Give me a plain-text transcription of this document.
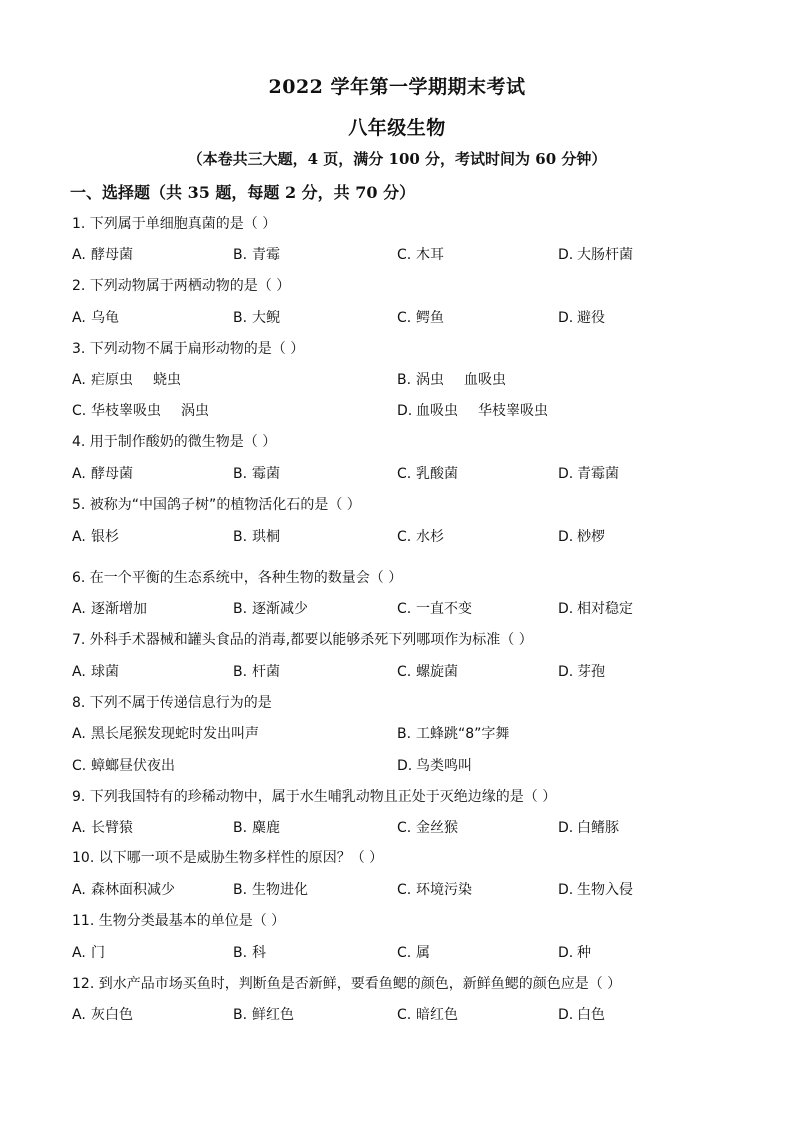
2022 学年第一学期期末考试
八年级生物
（本卷共三大题，4 页，满分 100 分，考试时间为 60 分钟）
一、选择题（共 35 题，每题 2 分，共 70 分）
1. 下列属于单细胞真菌的是（ ）
A. 酵母菌	B. 青霉	C. 木耳	D. 大肠杆菌
2. 下列动物属于两栖动物的是（ ）
A. 乌龟	B. 大鲵	C. 鳄鱼	D. 避役
3. 下列动物不属于扁形动物的是（ ）
A. 疟原虫 蛲虫	B. 涡虫 血吸虫
C. 华枝睾吸虫 涡虫	D. 血吸虫 华枝睾吸虫
4. 用于制作酸奶的微生物是（ ）
A. 酵母菌	B. 霉菌	C. 乳酸菌	D. 青霉菌
5. 被称为“中国鸽子树”的植物活化石的是（ ）
A. 银杉	B. 珙桐	C. 水杉	D. 桫椤
6. 在一个平衡的生态系统中，各种生物的数量会（ ）
A. 逐渐增加	B. 逐渐减少	C. 一直不变	D. 相对稳定
7. 外科手术器械和罐头食品的消毒,都要以能够杀死下列哪项作为标准（ ）
A. 球菌	B. 杆菌	C. 螺旋菌	D. 芽孢
8. 下列不属于传递信息行为的是
A. 黑长尾猴发现蛇时发出叫声	B. 工蜂跳“8”字舞
C. 蟑螂昼伏夜出	D. 鸟类鸣叫
9. 下列我国特有的珍稀动物中，属于水生哺乳动物且正处于灭绝边缘的是（ ）
A. 长臂猿	B. 麋鹿	C. 金丝猴	D. 白鳍豚
10. 以下哪一项不是威胁生物多样性的原因？（ ）
A. 森林面积减少	B. 生物进化	C. 环境污染	D. 生物入侵
11. 生物分类最基本的单位是（ ）
A. 门	B. 科	C. 属	D. 种
12. 到水产品市场买鱼时，判断鱼是否新鲜，要看鱼鳃的颜色，新鲜鱼鳃的颜色应是（ ）
A. 灰白色	B. 鲜红色	C. 暗红色	D. 白色
